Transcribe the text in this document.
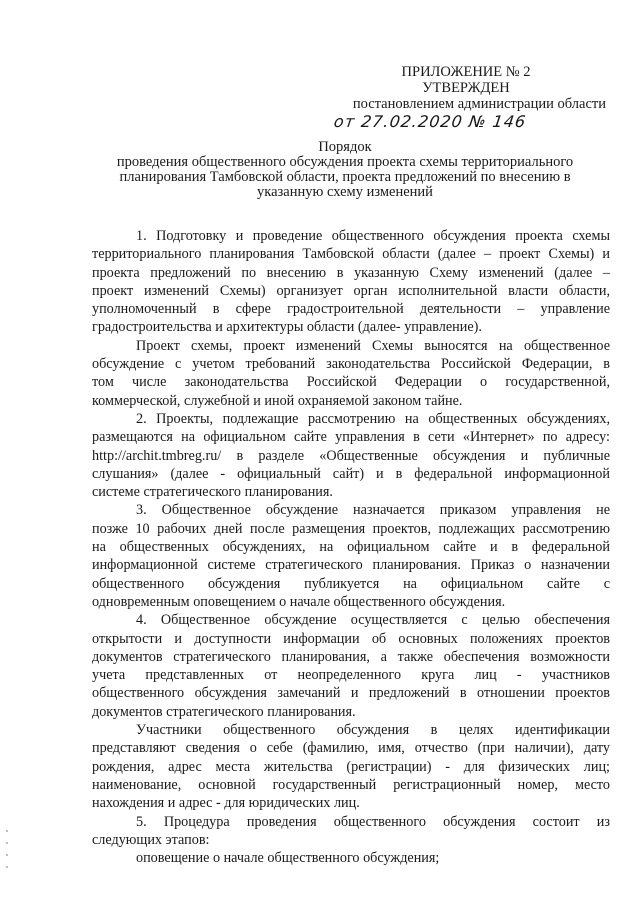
ПРИЛОЖЕНИЕ № 2
УТВЕРЖДЕН
постановлением администрации области
от 27.02.2020 № 146
Порядок
проведения общественного обсуждения проекта схемы территориального
планирования Тамбовской области, проекта предложений по внесению в
указанную схему изменений

1. Подготовку и проведение общественного обсуждения проекта схемы
территориального планирования Тамбовской области (далее – проект Схемы) и
проекта предложений по внесению в указанную Схему изменений (далее –
проект изменений Схемы) организует орган исполнительной власти области,
уполномоченный в сфере градостроительной деятельности – управление
градостроительства и архитектуры области (далее- управление).

Проект схемы, проект изменений Схемы выносятся на общественное
обсуждение с учетом требований законодательства Российской Федерации, в
том числе законодательства Российской Федерации о государственной,
коммерческой, служебной и иной охраняемой законом тайне.

2. Проекты, подлежащие рассмотрению на общественных обсуждениях,
размещаются на официальном сайте управления в сети «Интернет» по адресу:
http://archit.tmbreg.ru/ в разделе «Общественные обсуждения и публичные
слушания» (далее - официальный сайт) и в федеральной информационной
системе стратегического планирования.

3. Общественное обсуждение назначается приказом управления не
позже 10 рабочих дней после размещения проектов, подлежащих рассмотрению
на общественных обсуждениях, на официальном сайте и в федеральной
информационной системе стратегического планирования. Приказ о назначении
общественного обсуждения публикуется на официальном сайте с
одновременным оповещением о начале общественного обсуждения.

4. Общественное обсуждение осуществляется с целью обеспечения
открытости и доступности информации об основных положениях проектов
документов стратегического планирования, а также обеспечения возможности
учета представленных от неопределенного круга лиц - участников
общественного обсуждения замечаний и предложений в отношении проектов
документов стратегического планирования.

Участники общественного обсуждения в целях идентификации
представляют сведения о себе (фамилию, имя, отчество (при наличии), дату
рождения, адрес места жительства (регистрации) - для физических лиц;
наименование, основной государственный регистрационный номер, место
нахождения и адрес - для юридических лиц.

5. Процедура проведения общественного обсуждения состоит из
следующих этапов:

оповещение о начале общественного обсуждения;
